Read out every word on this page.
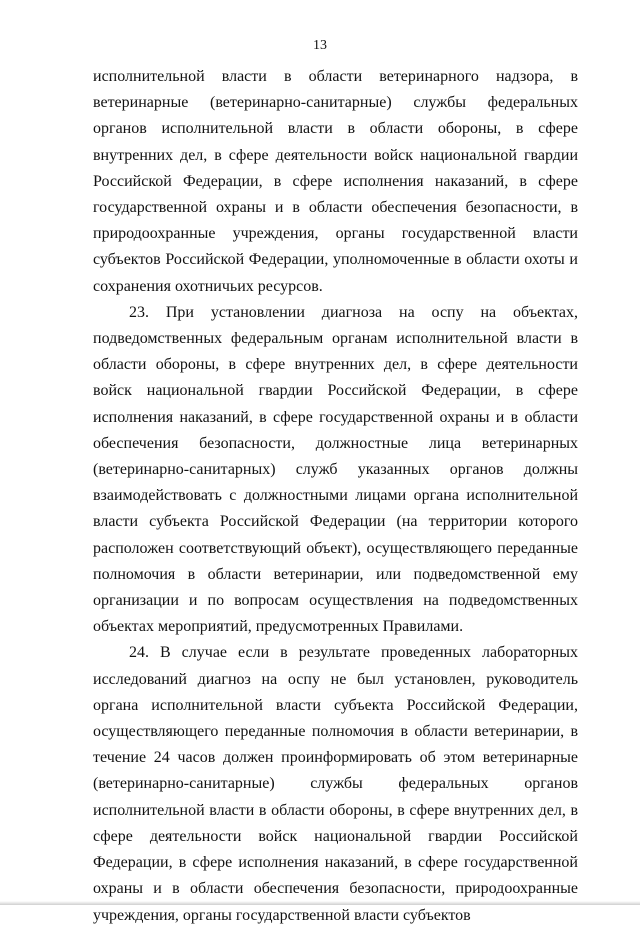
13

исполнительной власти в области ветеринарного надзора, в ветеринарные (ветеринарно-санитарные) службы федеральных органов исполнительной власти в области обороны, в сфере внутренних дел, в сфере деятельности войск национальной гвардии Российской Федерации, в сфере исполнения наказаний, в сфере государственной охраны и в области обеспечения безопасности, в природоохранные учреждения, органы государственной власти субъектов Российской Федерации, уполномоченные в области охоты и сохранения охотничьих ресурсов.

23. При установлении диагноза на оспу на объектах, подведомственных федеральным органам исполнительной власти в области обороны, в сфере внутренних дел, в сфере деятельности войск национальной гвардии Российской Федерации, в сфере исполнения наказаний, в сфере государственной охраны и в области обеспечения безопасности, должностные лица ветеринарных (ветеринарно-санитарных) служб указанных органов должны взаимодействовать с должностными лицами органа исполнительной власти субъекта Российской Федерации (на территории которого расположен соответствующий объект), осуществляющего переданные полномочия в области ветеринарии, или подведомственной ему организации и по вопросам осуществления на подведомственных объектах мероприятий, предусмотренных Правилами.

24. В случае если в результате проведенных лабораторных исследований диагноз на оспу не был установлен, руководитель органа исполнительной власти субъекта Российской Федерации, осуществляющего переданные полномочия в области ветеринарии, в течение 24 часов должен проинформировать об этом ветеринарные (ветеринарно-санитарные) службы федеральных органов исполнительной власти в области обороны, в сфере внутренних дел, в сфере деятельности войск национальной гвардии Российской Федерации, в сфере исполнения наказаний, в сфере государственной охраны и в области обеспечения безопасности, природоохранные учреждения, органы государственной власти субъектов
